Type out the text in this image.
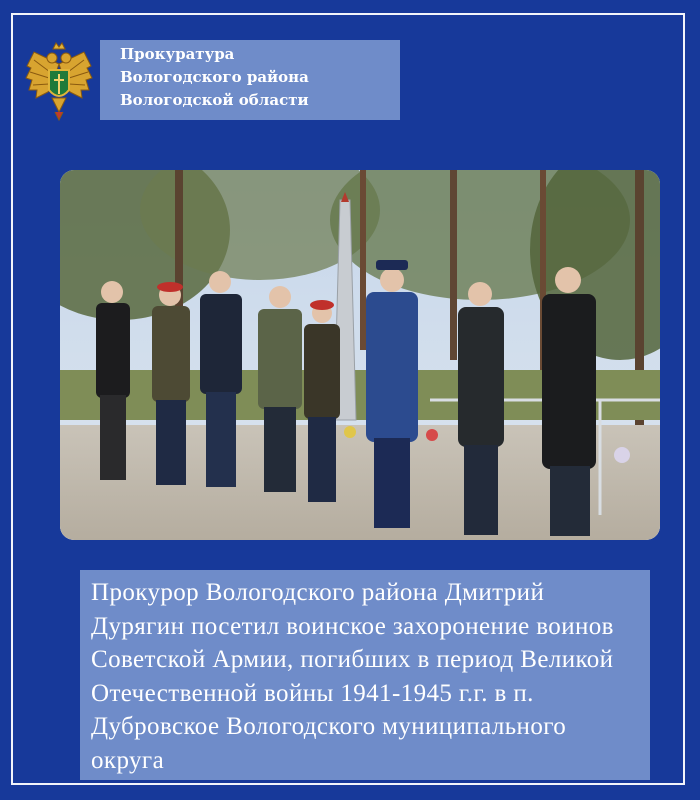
Прокуратура
Вологодского района
Вологодской области

Прокурор Вологодского района Дмитрий Дурягин посетил воинское захоронение воинов Советской Армии, погибших в период Великой Отечественной войны 1941-1945 г.г. в п. Дубровское Вологодского муниципального округа
